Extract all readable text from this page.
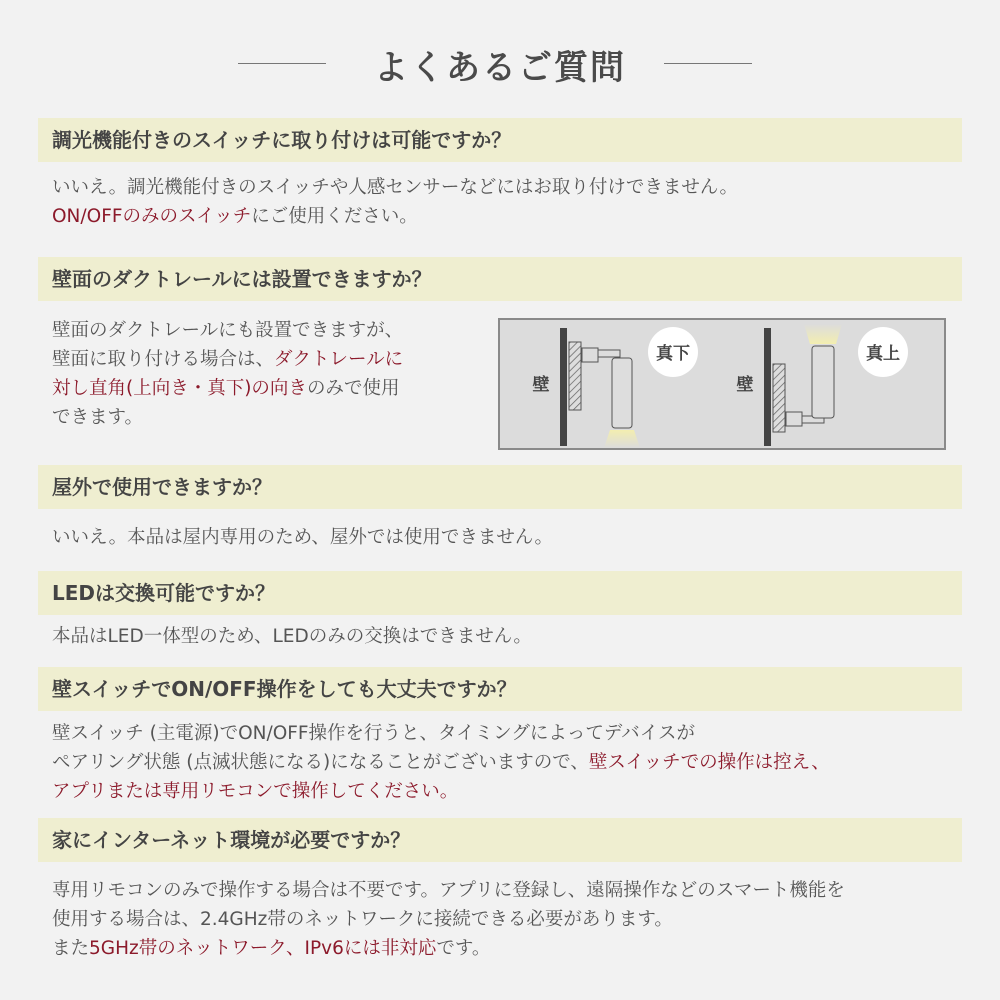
よくあるご質問
調光機能付きのスイッチに取り付けは可能ですか？
いいえ。調光機能付きのスイッチや人感センサーなどにはお取り付けできません。
ON/OFFのみのスイッチにご使用ください。
壁面のダクトレールには設置できますか？
壁面のダクトレールにも設置できますが、
壁面に取り付ける場合は、ダクトレールに
対し直角(上向き・真下)の向きのみで使用
できます。
屋外で使用できますか？
いいえ。本品は屋内専用のため、屋外では使用できません。
LEDは交換可能ですか？
本品はLED一体型のため、LEDのみの交換はできません。
壁スイッチでON/OFF操作をしても大丈夫ですか？
壁スイッチ (主電源)でON/OFF操作を行うと、タイミングによってデバイスが
ペアリング状態 (点滅状態になる)になることがございますので、壁スイッチでの操作は控え、
アプリまたは専用リモコンで操作してください。
家にインターネット環境が必要ですか？
専用リモコンのみで操作する場合は不要です。アプリに登録し、遠隔操作などのスマート機能を
使用する場合は、2.4GHz帯のネットワークに接続できる必要があります。
また5GHz帯のネットワーク、IPv6には非対応です。
真下
壁
真上
壁
